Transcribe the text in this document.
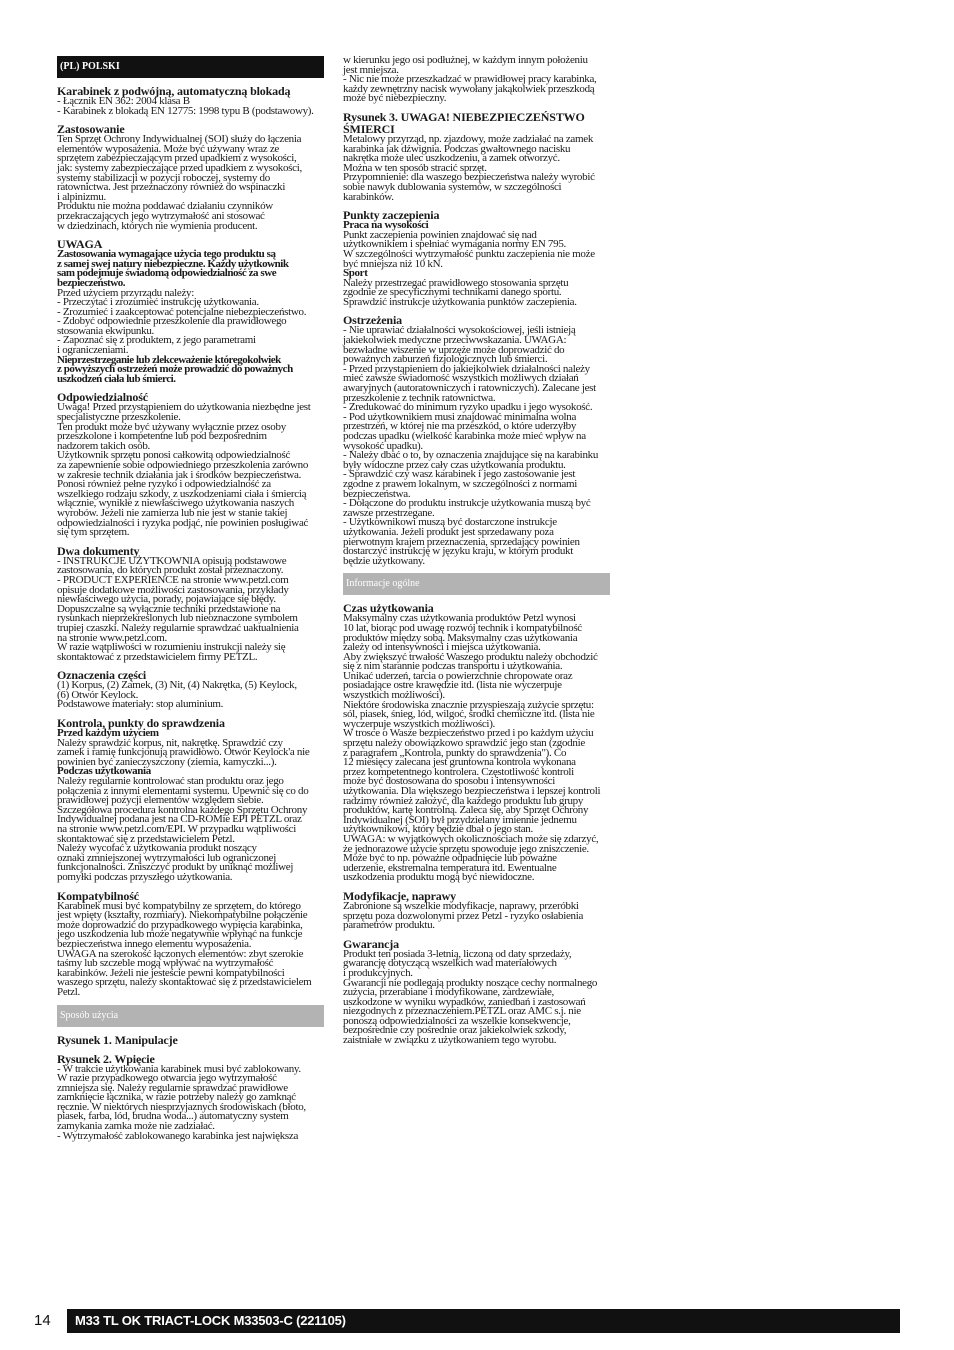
(PL) POLSKI
Karabinek z podwójną, automatyczną blokadą
- Łącznik EN 362: 2004 klasa B
- Karabinek z blokadą EN 12775: 1998 typu B (podstawowy).
Zastosowanie
Ten Sprzęt Ochrony Indywidualnej (SOI) służy do łączenia
elementów wyposażenia. Może być używany wraz ze
sprzętem zabezpieczającym przed upadkiem z wysokości,
jak: systemy zabezpieczające przed upadkiem z wysokości,
systemy stabilizacji w pozycji roboczej, systemy do
ratownictwa. Jest przeznaczony również do wspinaczki
i alpinizmu.
Produktu nie można poddawać działaniu czynników
przekraczających jego wytrzymałość ani stosować
w dziedzinach, których nie wymienia producent.
UWAGA
Zastosowania wymagające użycia tego produktu są
z samej swej natury niebezpieczne. Każdy użytkownik
sam podejmuje świadomą odpowiedzialność za swe
bezpieczeństwo.
Przed użyciem przyrządu należy:
- Przeczytać i zrozumieć instrukcję użytkowania.
- Zrozumieć i zaakceptować potencjalne niebezpieczeństwo.
- Zdobyć odpowiednie przeszkolenie dla prawidłowego
stosowania ekwipunku.
- Zapoznać się z produktem, z jego parametrami
i ograniczeniami.
Nieprzestrzeganie lub zlekceważenie któregokolwiek
z powyższych ostrzeżeń może prowadzić do poważnych
uszkodzeń ciała lub śmierci.
Odpowiedzialność
Uwaga! Przed przystąpieniem do użytkowania niezbędne jest
specjalistyczne przeszkolenie.
Ten produkt może być używany wyłącznie przez osoby
przeszkolone i kompetentne lub pod bezpośrednim
nadzorem takich osób.
Użytkownik sprzętu ponosi całkowitą odpowiedzialność
za zapewnienie sobie odpowiedniego przeszkolenia zarówno
w zakresie technik działania jak i środków bezpieczeństwa.
Ponosi również pełne ryzyko i odpowiedzialność za
wszelkiego rodzaju szkody, z uszkodzeniami ciała i śmiercią
włącznie, wynikłe z niewłaściwego użytkowania naszych
wyrobów. Jeżeli nie zamierza lub nie jest w stanie takiej
odpowiedzialności i ryzyka podjąć, nie powinien posługiwać
się tym sprzętem.
Dwa dokumenty
- INSTRUKCJE UŻYTKOWNIA opisują podstawowe
zastosowania, do których produkt został przeznaczony.
- PRODUCT EXPERIENCE na stronie www.petzl.com
opisuje dodatkowe możliwości zastosowania, przykłady
niewłaściwego użycia, porady, pojawiające się błędy.
Dopuszczalne są wyłącznie techniki przedstawione na
rysunkach nieprzekreślonych lub nieoznaczone symbolem
trupiej czaszki. Należy regularnie sprawdzać uaktualnienia
na stronie www.petzl.com.
W razie wątpliwości w rozumieniu instrukcji należy się
skontaktować z przedstawicielem firmy PETZL.
Oznaczenia części
(1) Korpus, (2) Zamek, (3) Nit, (4) Nakrętka, (5) Keylock,
(6) Otwór Keylock.
Podstawowe materiały: stop aluminium.
Kontrola, punkty do sprawdzenia
Przed każdym użyciem
Należy sprawdzić korpus, nit, nakrętkę. Sprawdzić czy
zamek i ramię funkcjonują prawidłowo. Otwór Keylock'a nie
powinien być zanieczyszczony (ziemia, kamyczki...).
Podczas użytkowania
Należy regularnie kontrolować stan produktu oraz jego
połączenia z innymi elementami systemu. Upewnić się co do
prawidłowej pozycji elementów względem siebie.
Szczegółowa procedura kontrolna każdego Sprzętu Ochrony
Indywidualnej podana jest na CD-ROMie EPI PETZL oraz
na stronie www.petzl.com/EPI. W przypadku wątpliwości
skontaktować się z przedstawicielem Petzl.
Należy wycofać z użytkowania produkt noszący
oznaki zmniejszonej wytrzymałości lub ograniczonej
funkcjonalności. Zniszczyć produkt by uniknąć możliwej
pomyłki podczas przyszłego użytkowania.
Kompatybilność
Karabinek musi być kompatybilny ze sprzętem, do którego
jest wpięty (kształty, rozmiary). Niekompatybilne połączenie
może doprowadzić do przypadkowego wypięcia karabinka,
jego uszkodzenia lub może negatywnie wpłynąć na funkcje
bezpieczeństwa innego elementu wyposażenia.
UWAGA na szerokość łączonych elementów: zbyt szerokie
taśmy lub szczeble mogą wpływać na wytrzymałość
karabinków. Jeżeli nie jesteście pewni kompatybilności
waszego sprzętu, należy skontaktować się z przedstawicielem
Petzl.
Sposób użycia
Rysunek 1. Manipulacje
Rysunek 2. Wpięcie
- W trakcie użytkowania karabinek musi być zablokowany.
W razie przypadkowego otwarcia jego wytrzymałość
zmniejsza się. Należy regularnie sprawdzać prawidłowe
zamknięcie łącznika, w razie potrzeby należy go zamknąć
ręcznie. W niektórych niesprzyjaznych środowiskach (błoto,
piasek, farba, lód, brudna woda...) automatyczny system
zamykania zamka może nie zadziałać.
- Wytrzymałość zablokowanego karabinka jest największa
w kierunku jego osi podłużnej, w każdym innym położeniu
jest mniejsza.
- Nic nie może przeszkadzać w prawidłowej pracy karabinka,
każdy zewnętrzny nacisk wywołany jakąkolwiek przeszkodą
może być niebezpieczny.
Rysunek 3. UWAGA! NIEBEZPIECZEŃSTWO
ŚMIERCI
Metalowy przyrząd, np. zjazdowy, może zadziałać na zamek
karabinka jak dźwignia. Podczas gwałtownego nacisku
nakrętka może ulec uszkodzeniu, a zamek otworzyć.
Można w ten sposób stracić sprzęt.
Przypomnienie: dla waszego bezpieczeństwa należy wyrobić
sobie nawyk dublowania systemów, w szczególności
karabinków.
Punkty zaczepienia
Praca na wysokości
Punkt zaczepienia powinien znajdować się nad
użytkownikiem i spełniać wymagania normy EN 795.
W szczególności wytrzymałość punktu zaczepienia nie może
być mniejsza niż 10 kN.
Sport
Należy przestrzegać prawidłowego stosowania sprzętu
zgodnie ze specyficznymi technikami danego sportu.
Sprawdzić instrukcje użytkowania punktów zaczepienia.
Ostrzeżenia
- Nie uprawiać działalności wysokościowej, jeśli istnieją
jakiekolwiek medyczne przeciwwskazania. UWAGA:
bezwładne wiszenie w uprzęże może doprowadzić do
poważnych zaburzeń fizjologicznych lub śmierci.
- Przed przystąpieniem do jakiejkolwiek działalności należy
mieć zawsze świadomość wszystkich możliwych działań
awaryjnych (autoratowniczych i ratowniczych). Zalecane jest
przeszkolenie z technik ratownictwa.
- Zredukować do minimum ryzyko upadku i jego wysokość.
- Pod użytkownikiem musi znajdować minimalna wolna
przestrzeń, w której nie ma przeszkód, o które uderzyłby
podczas upadku (wielkość karabinka może mieć wpływ na
wysokość upadku).
- Należy dbać o to, by oznaczenia znajdujące się na karabinku
były widoczne przez cały czas użytkowania produktu.
- Sprawdzić czy wasz karabinek i jego zastosowanie jest
zgodne z prawem lokalnym, w szczególności z normami
bezpieczeństwa.
- Dołączone do produktu instrukcje użytkowania muszą być
zawsze przestrzegane.
- Użytkownikowi muszą być dostarczone instrukcje
użytkowania. Jeżeli produkt jest sprzedawany poza
pierwotnym krajem przeznaczenia, sprzedający powinien
dostarczyć instrukcję w języku kraju, w którym produkt
będzie użytkowany.
Informacje ogólne
Czas użytkowania
Maksymalny czas użytkowania produktów Petzl wynosi
10 lat, biorąc pod uwagę rozwój technik i kompatybilność
produktów między sobą. Maksymalny czas użytkowania
zależy od intensywności i miejsca użytkowania.
Aby zwiększyć trwałość Waszego produktu należy obchodzić
się z nim starannie podczas transportu i użytkowania.
Unikać uderzeń, tarcia o powierzchnie chropowate oraz
posiadające ostre krawędzie itd. (lista nie wyczerpuje
wszystkich możliwości).
Niektóre środowiska znacznie przyspieszają zużycie sprzętu:
sól, piasek, śnieg, lód, wilgoć, środki chemiczne itd. (lista nie
wyczerpuje wszystkich możliwości).
W trosce o Wasze bezpieczeństwo przed i po każdym użyciu
sprzętu należy obowiązkowo sprawdzić jego stan (zgodnie
z paragrafem „Kontrola, punkty do sprawdzenia"). Co
12 miesięcy zalecana jest gruntowna kontrola wykonana
przez kompetentnego kontrolera. Częstotliwość kontroli
może być dostosowana do sposobu i intensywności
użytkowania. Dla większego bezpieczeństwa i lepszej kontroli
radzimy również założyć, dla każdego produktu lub grupy
produktów, kartę kontrolną. Zaleca się, aby Sprzęt Ochrony
Indywidualnej (SOI) był przydzielany imiennie jednemu
użytkownikowi, który będzie dbał o jego stan.
UWAGA: w wyjątkowych okolicznościach może się zdarzyć,
że jednorazowe użycie sprzętu spowoduje jego zniszczenie.
Może być to np. poważne odpadnięcie lub poważne
uderzenie, ekstremalna temperatura itd. Ewentualne
uszkodzenia produktu mogą być niewidoczne.
Modyfikacje, naprawy
Zabronione są wszelkie modyfikacje, naprawy, przeróbki
sprzętu poza dozwolonymi przez Petzl - ryzyko osłabienia
parametrów produktu.
Gwarancja
Produkt ten posiada 3-letnią, liczoną od daty sprzedaży,
gwarancję dotyczącą wszelkich wad materiałowych
i produkcyjnych.
Gwarancji nie podlegają produkty noszące cechy normalnego
zużycia, przerabiane i modyfikowane, zardzewiałe,
uszkodzone w wyniku wypadków, zaniedbań i zastosowań
niezgodnych z przeznaczeniem.PETZL oraz AMC s.j. nie
ponoszą odpowiedzialności za wszelkie konsekwencje,
bezpośrednie czy pośrednie oraz jakiekolwiek szkody,
zaistniałe w związku z użytkowaniem tego wyrobu.
14	M33 TL OK TRIACT-LOCK M33503-C (221105)
